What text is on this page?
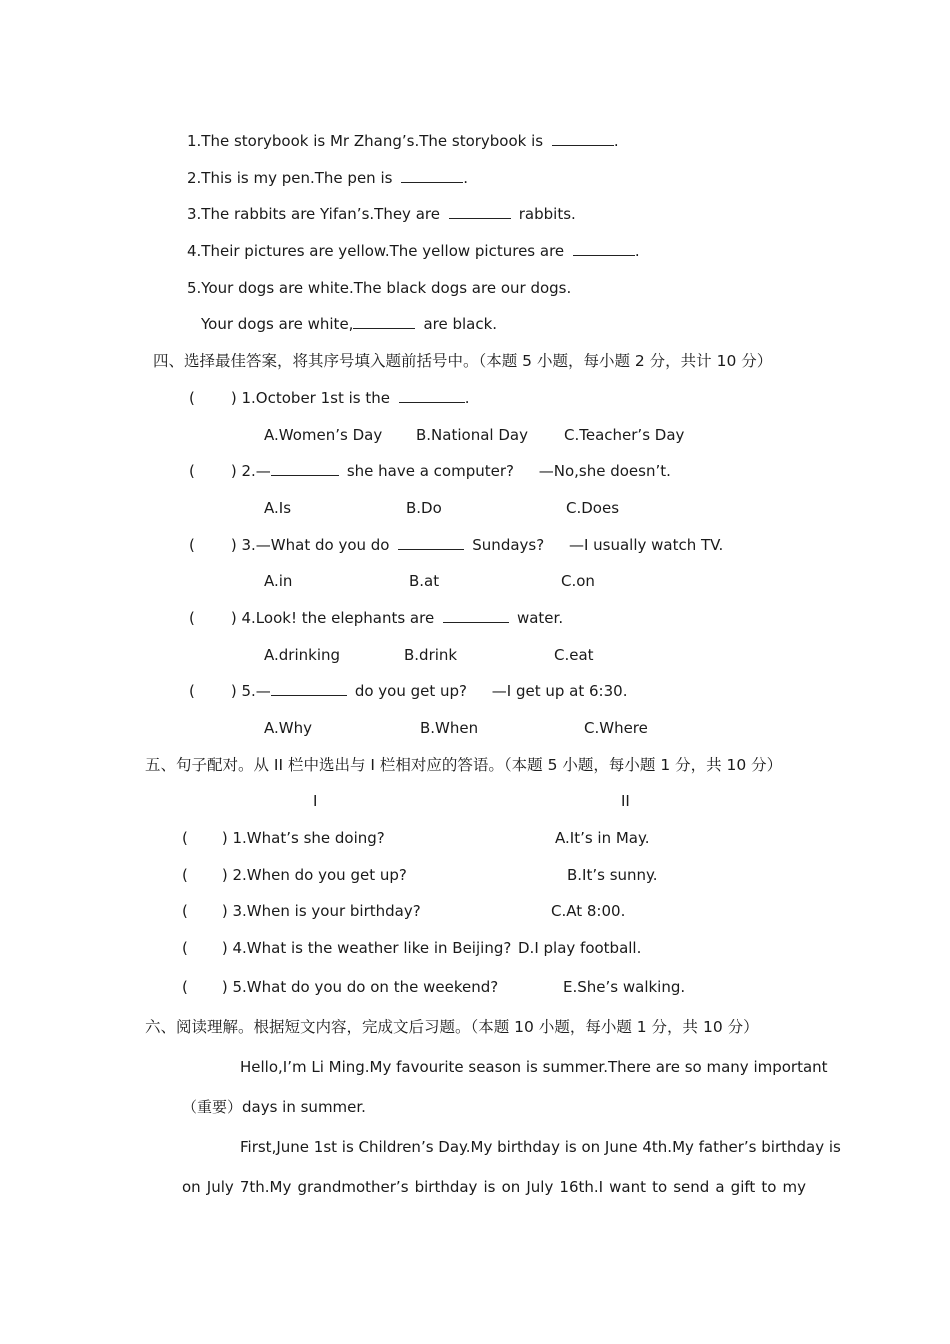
1.The storybook is Mr Zhang’s.The storybook is	.
2.This is my pen.The pen is	.
3.The rabbits are Yifan’s.They are	rabbits.
4.Their pictures are yellow.The yellow pictures are	.
5.Your dogs are white.The black dogs are our dogs.
Your dogs are white,	are black.
四、选择最佳答案，将其序号填入题前括号中。（本题 5 小题，每小题 2 分，共计 10 分）
( ) 1.October 1st is the	.
A.Women’s Day B.National Day C.Teacher’s Day
( ) 2.—	she have a computer? —No,she doesn’t.
A.Is	B.Do	C.Does
( ) 3.—What do you do	Sundays? —I usually watch TV.
A.in	B.at	C.on
( ) 4.Look! the elephants are	water.
A.drinking	B.drink	C.eat
( ) 5.—	do you get up? —I get up at 6:30.
A.Why	B.When	C.Where
五、句子配对。从 II 栏中选出与 I 栏相对应的答语。（本题 5 小题，每小题 1 分，共 10 分）
I	II
( ) 1.What’s she doing?	A.It’s in May.
( ) 2.When do you get up?	B.It’s sunny.
( ) 3.When is your birthday?	C.At 8:00.
( ) 4.What is the weather like in Beijing? D.I play football.
( ) 5.What do you do on the weekend?	E.She’s walking.
六、阅读理解。根据短文内容，完成文后习题。（本题 10 小题，每小题 1 分，共 10 分）
Hello,I’m Li Ming.My favourite season is summer.There are so many important
（重要）days in summer.
First,June 1st is Children’s Day.My birthday is on June 4th.My father’s birthday is
on July 7th.My grandmother’s birthday is on July 16th.I want to send a gift to my
